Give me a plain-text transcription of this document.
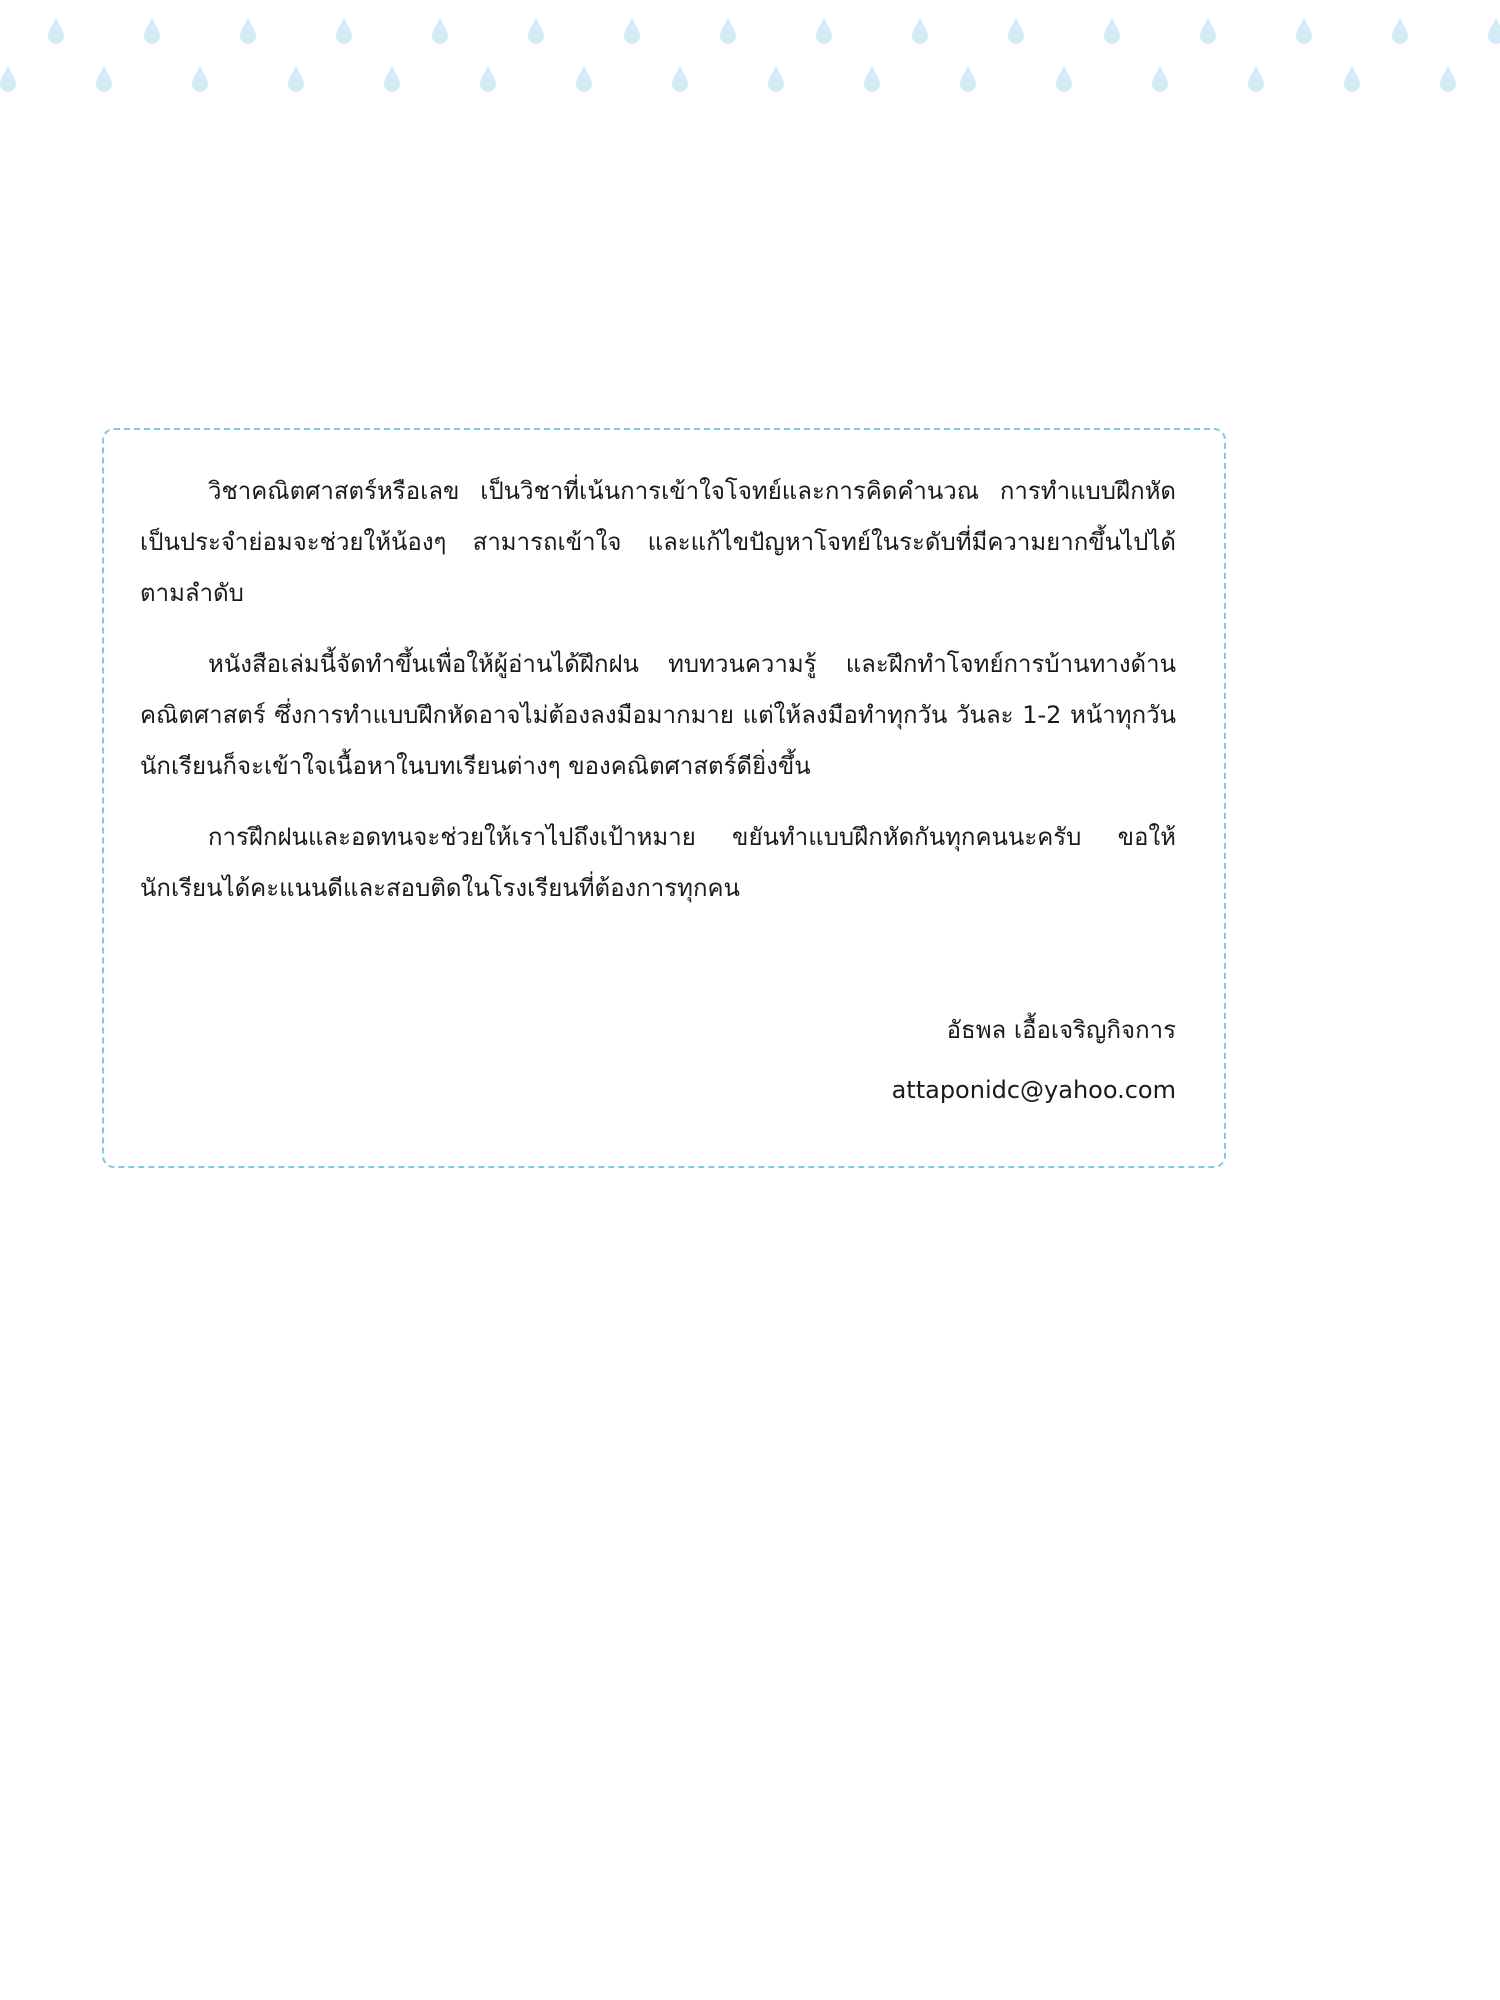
วิชาคณิตศาสตร์หรือเลข เป็นวิชาที่เน้นการเข้าใจโจทย์และการคิดคำนวณ การทำแบบฝึกหัดเป็นประจำย่อมจะช่วยให้น้องๆ สามารถเข้าใจ และแก้ไขปัญหาโจทย์ในระดับที่มีความยากขึ้นไปได้ตามลำดับ

หนังสือเล่มนี้จัดทำขึ้นเพื่อให้ผู้อ่านได้ฝึกฝน ทบทวนความรู้ และฝึกทำโจทย์การบ้านทางด้านคณิตศาสตร์ ซึ่งการทำแบบฝึกหัดอาจไม่ต้องลงมือมากมาย แต่ให้ลงมือทำทุกวัน วันละ 1-2 หน้าทุกวัน นักเรียนก็จะเข้าใจเนื้อหาในบทเรียนต่างๆ ของคณิตศาสตร์ดียิ่งขึ้น

การฝึกฝนและอดทนจะช่วยให้เราไปถึงเป้าหมาย ขยันทำแบบฝึกหัดกันทุกคนนะครับ ขอให้นักเรียนได้คะแนนดีและสอบติดในโรงเรียนที่ต้องการทุกคน

อัธพล เอื้อเจริญกิจการ

attaponidc@yahoo.com
